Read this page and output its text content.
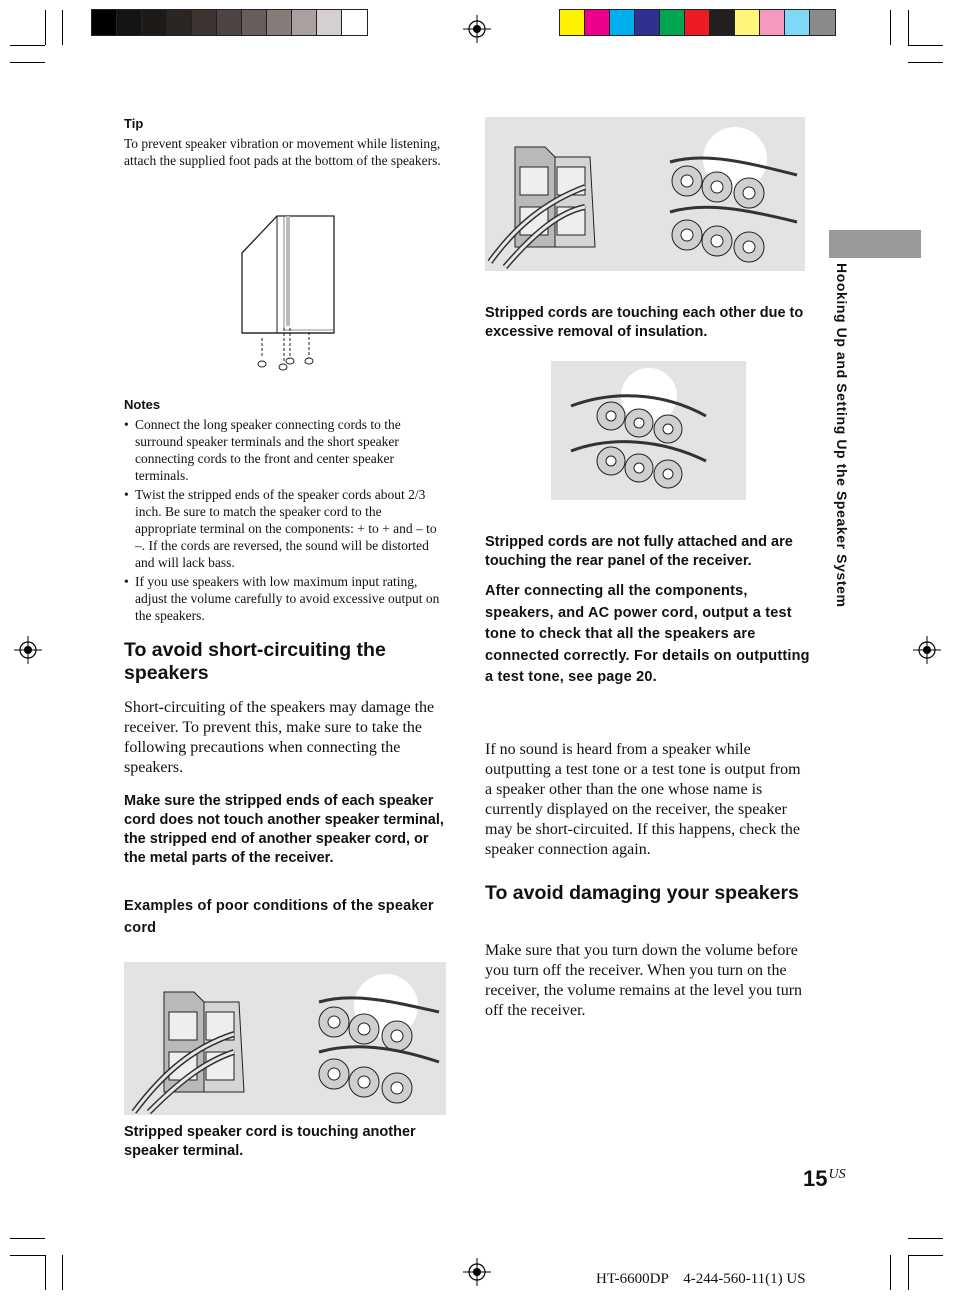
Tip
To prevent speaker vibration or movement while listening, attach the supplied foot pads at the bottom of the speakers.
Notes
• Connect the long speaker connecting cords to the surround speaker terminals and the short speaker connecting cords to the front and center speaker terminals.
• Twist the stripped ends of the speaker cords about 2/3 inch. Be sure to match the speaker cord to the appropriate terminal on the components: + to + and – to –. If the cords are reversed, the sound will be distorted and will lack bass.
• If you use speakers with low maximum input rating, adjust the volume carefully to avoid excessive output on the speakers.
To avoid short-circuiting the speakers
Short-circuiting of the speakers may damage the receiver. To prevent this, make sure to take the following precautions when connecting the speakers.
Make sure the stripped ends of each speaker cord does not touch another speaker terminal, the stripped end of another speaker cord, or the metal parts of the receiver.
Examples of poor conditions of the speaker cord
Stripped speaker cord is touching another speaker terminal.
Stripped cords are touching each other due to excessive removal of insulation.
Stripped cords are not fully attached and are touching the rear panel of the receiver.
After connecting all the components, speakers, and AC power cord, output a test tone to check that all the speakers are connected correctly. For details on outputting a test tone, see page 20.
If no sound is heard from a speaker while outputting a test tone or a test tone is output from a speaker other than the one whose name is currently displayed on the receiver, the speaker may be short-circuited. If this happens, check the speaker connection again.
To avoid damaging your speakers
Make sure that you turn down the volume before you turn off the receiver. When you turn on the receiver, the volume remains at the level you turn off the receiver.
Hooking Up and Setting Up the Speaker System
$15^{US}$
HT-6600DP    4-244-560-11(1) US
